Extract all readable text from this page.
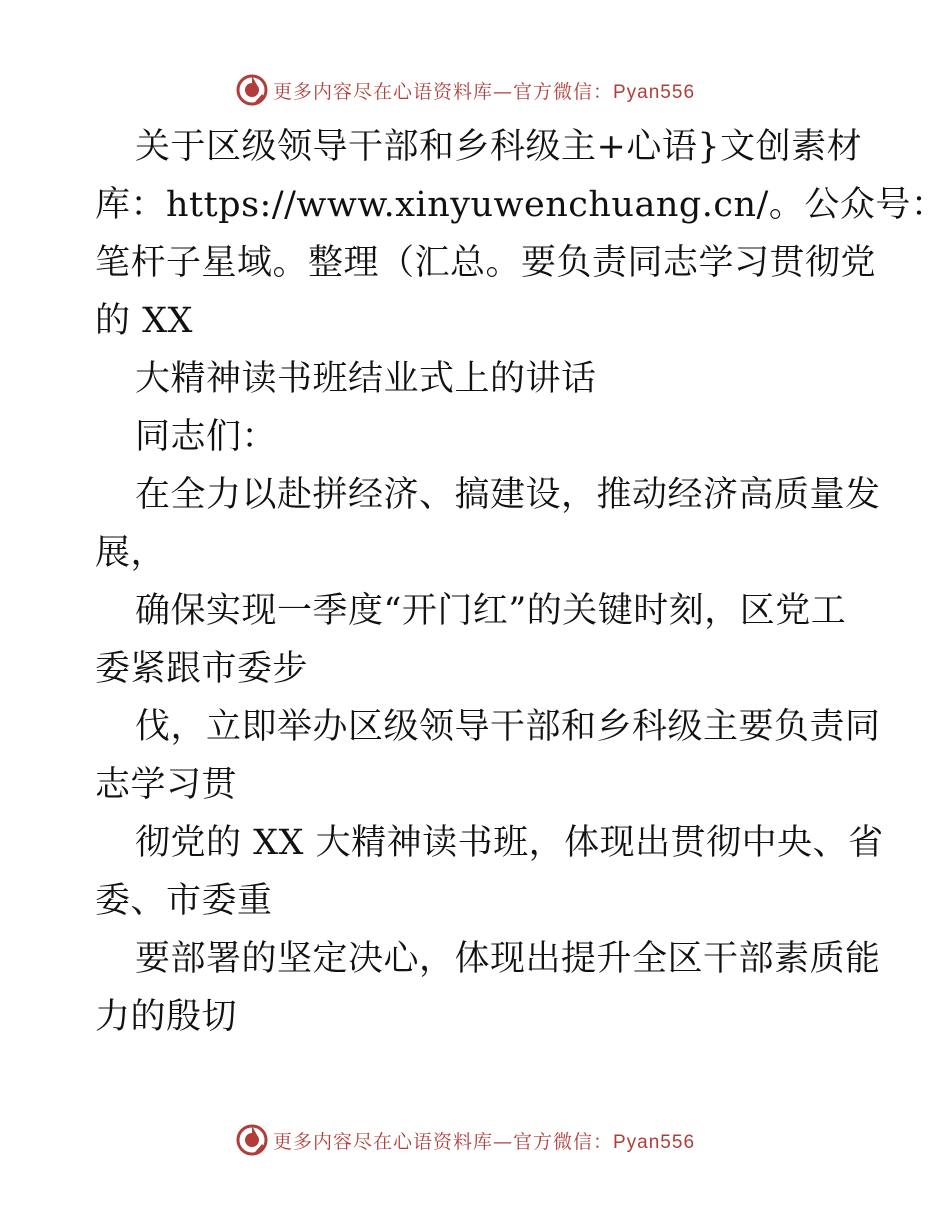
更多内容尽在心语资料库—官方微信：Pyan556
关于区级领导干部和乡科级主+心语}文创素材
库：https://www.xinyuwenchuang.cn/。公众号：
笔杆子星域。整理（汇总。要负责同志学习贯彻党
的 XX
大精神读书班结业式上的讲话
同志们：
在全力以赴拼经济、搞建设，推动经济高质量发
展，
确保实现一季度“开门红”的关键时刻，区党工
委紧跟市委步
伐，立即举办区级领导干部和乡科级主要负责同
志学习贯
彻党的 XX 大精神读书班，体现出贯彻中央、省
委、市委重
要部署的坚定决心，体现出提升全区干部素质能
力的殷切
更多内容尽在心语资料库—官方微信：Pyan556
